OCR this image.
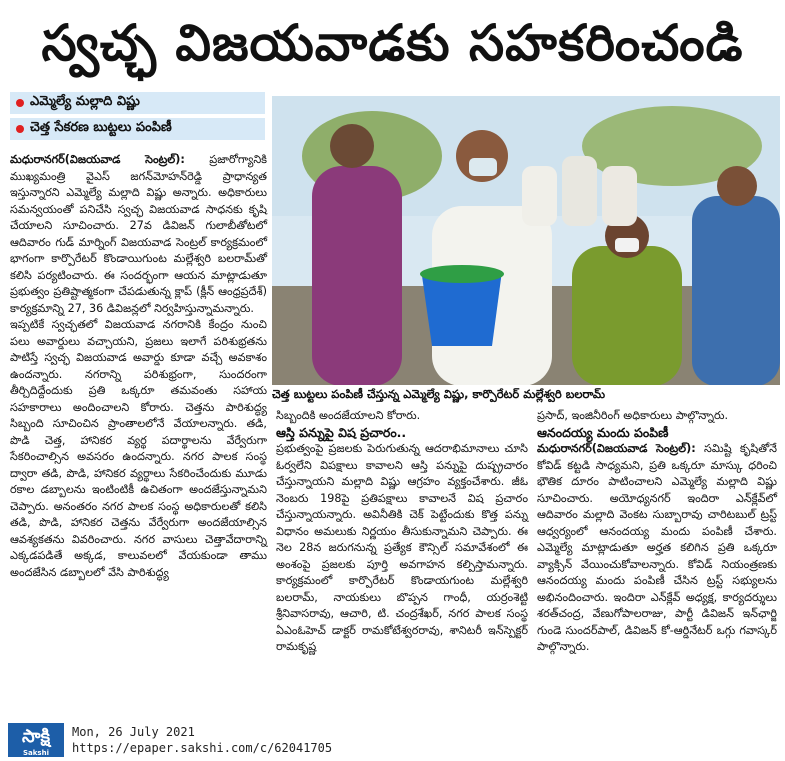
స్వచ్ఛ విజయవాడకు సహకరించండి
ఎమ్మెల్యే మల్లాది విష్ణు
చెత్త సేకరణ బుట్టలు పంపిణీ

మధురానగర్(విజయవాడ సెంట్రల్): ప్రజారోగ్యానికి ముఖ్యమంత్రి వైఎస్ జగన్‌మోహన్‌రెడ్డి ప్రాధాన్యత ఇస్తున్నారని ఎమ్మెల్యే మల్లాది విష్ణు అన్నారు. అధికారులు సమన్వయంతో పనిచేసి స్వచ్ఛ విజయవాడ సాధనకు కృషి చేయాలని సూచించారు. 27వ డివిజన్ గులాబీతోటలో ఆదివారం గుడ్ మార్నింగ్ విజయవాడ సెంట్రల్ కార్యక్రమంలో భాగంగా కార్పొరేటర్ కొండాయిగుంట మల్లేశ్వరి బలరామ్‌తో కలిసి పర్యటించారు. ఈ సందర్భంగా ఆయన మాట్లాడుతూ ప్రభుత్వం ప్రతిష్టాత్మకంగా చేపడుతున్న క్లాప్ (క్లీన్ ఆంధ్రప్రదేశ్) కార్యక్రమాన్ని 27, 36 డివిజన్లలో నిర్వహిస్తున్నామన్నారు.

ఇప్పటికే స్వచ్ఛతలో విజయవాడ నగరానికి కేంద్రం నుంచి పలు అవార్డులు వచ్చాయని, ప్రజలు ఇలాగే పరిశుభ్రతను పాటిస్తే స్వచ్ఛ విజయవాడ అవార్డు కూడా వచ్చే అవకాశం ఉందన్నారు. నగరాన్ని పరిశుభ్రంగా, సుందరంగా తీర్చిదిద్దేందుకు ప్రతి ఒక్కరూ తమవంతు సహాయ సహకారాలు అందించాలని కోరారు. చెత్తను పారిశుద్ధ్య సిబ్బంది సూచించిన ప్రాంతాలలోనే వేయాలన్నారు. తడి, పొడి చెత్త, హానికర వ్యర్థ పదార్థాలను వేర్వేరుగా సేకరించాల్సిన అవసరం ఉందన్నారు. నగర పాలక సంస్థ ద్వారా తడి, పొడి, హానికర వ్యర్థాలు సేకరించేందుకు మూడు రకాల డబ్బాలను ఇంటింటికీ ఉచితంగా అందజేస్తున్నామని చెప్పారు. అనంతరం నగర పాలక సంస్థ అధికారులతో కలిసి తడి, పొడి, హానికర చెత్తను వేర్వేరుగా అందజేయాల్సిన ఆవశ్యకతను వివరించారు. నగర వాసులు చెత్తావేదారాన్ని ఎక్కడపడితే అక్కడ, కాలువలలో వేయకుండా తాము అందజేసిన డబ్బాలలో వేసి పారిశుద్ధ్య

చెత్త బుట్టలు పంపిణీ చేస్తున్న ఎమ్మెల్యే విష్ణు, కార్పొరేటర్ మల్లేశ్వరి బలరామ్

సిబ్బందికి అందజేయాలని కోరారు.

ఆస్తి పన్నుపై విష ప్రచారం..

ప్రభుత్వంపై ప్రజలకు పెరుగుతున్న ఆదరాభిమానాలు చూసి ఓర్వలేని విపక్షాలు కావాలని ఆస్తి పన్నుపై దుష్ప్రచారం చేస్తున్నాయని మల్లాది విష్ణు ఆగ్రహం వ్యక్తంచేశారు. జీఓ నెంబరు 198పై ప్రతిపక్షాలు కావాలనే విష ప్రచారం చేస్తున్నాయన్నారు. అవినీతికి చెక్ పెట్టేందుకు కొత్త పన్ను విధానం అమలుకు నిర్ణయం తీసుకున్నామని చెప్పారు. ఈ నెల 28న జరుగనున్న ప్రత్యేక కౌన్సిల్ సమావేశంలో ఈ అంశంపై ప్రజలకు పూర్తి అవగాహన కల్పిస్తామన్నారు. కార్యక్రమంలో కార్పొరేటర్ కొండాయగుంట మల్లేశ్వరి బలరామ్, నాయకులు బొప్పన గాంధీ, యర్రంశెట్టి శ్రీనివాసరావు, ఆచారి, టి. చంద్రశేఖర్, నగర పాలక సంస్థ ఏఎంఓహెచ్ డాక్టర్ రామకోటేశ్వరరావు, శానిటరీ ఇన్‌స్పెక్టర్ రామకృష్ణ

ప్రసాద్, ఇంజినీరింగ్ అధికారులు పాల్గొన్నారు.

ఆనందయ్య మందు పంపిణీ

మధురానగర్(విజయవాడ సెంట్రల్): సమిష్టి కృషితోనే కోవిడ్ కట్టడి సాధ్యమని, ప్రతి ఒక్కరూ మాస్కు ధరించి భౌతిక దూరం పాటించాలని ఎమ్మెల్యే మల్లాది విష్ణు సూచించారు. అయోధ్యనగర్ ఇందిరా ఎన్‌క్లేవ్‌లో ఆదివారం మల్లాది వెంకట సుబ్బారావు చారిటబుల్ ట్రస్ట్ ఆధ్వర్యంలో ఆనందయ్య మందు పంపిణీ చేశారు. ఎమ్మెల్యే మాట్లాడుతూ అర్హత కలిగిన ప్రతి ఒక్కరూ వ్యాక్సిన్ వేయించుకోవాలన్నారు. కోవిడ్ నియంత్రణకు ఆనందయ్య మందు పంపిణీ చేసిన ట్రస్ట్ సభ్యులను అభినందించారు. ఇందిరా ఎన్‌క్లేవ్ అధ్యక్ష, కార్యదర్శులు శరత్‌చంద్ర, వేణుగోపాలరాజు, పార్టీ డివిజన్ ఇన్‌ఛార్జి గుండె సుందర్‌పాల్, డివిజన్ కో-ఆర్డినేటర్ ఒగ్గు గవాస్కర్ పాల్గొన్నారు.

సాక్షి
Sakshi
Mon, 26 July 2021
https://epaper.sakshi.com/c/62041705
